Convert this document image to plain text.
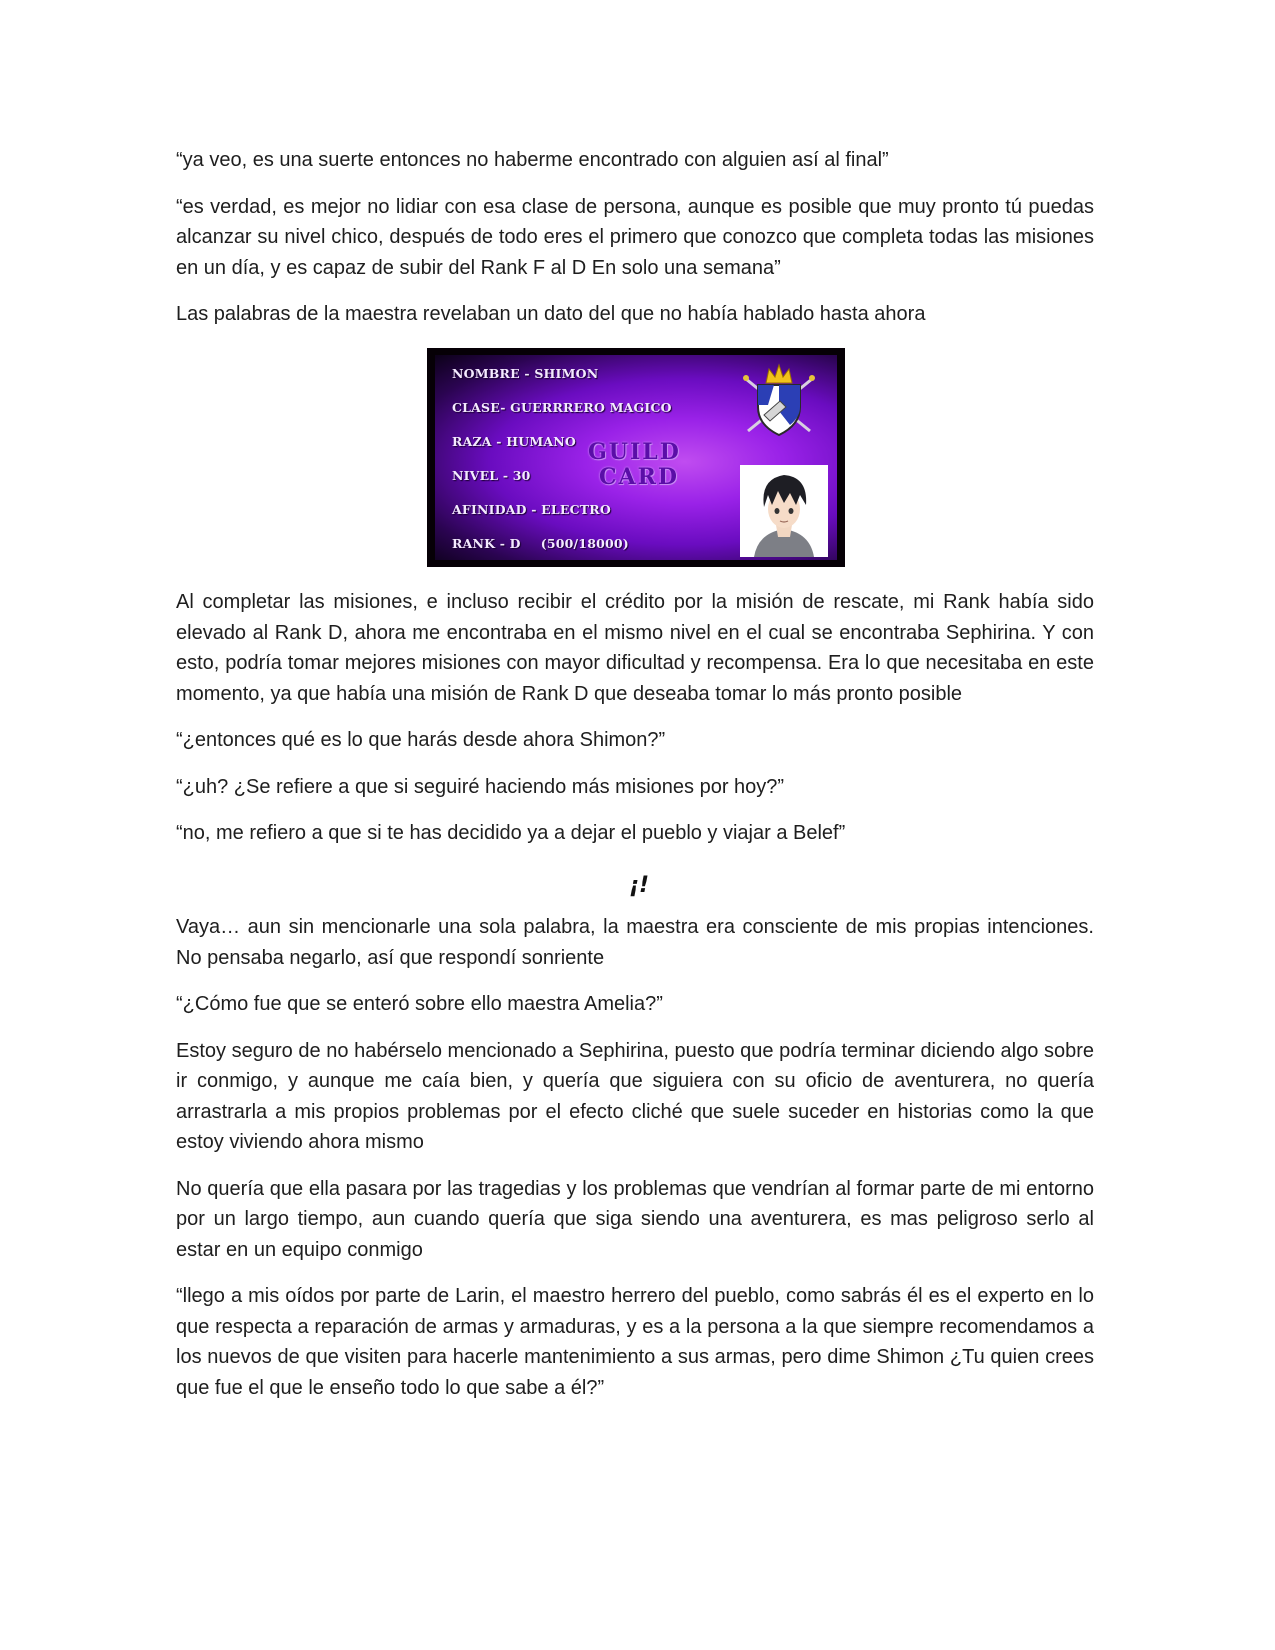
“ya veo, es una suerte entonces no haberme encontrado con alguien así al final”

“es verdad, es mejor no lidiar con esa clase de persona, aunque es posible que muy pronto tú puedas alcanzar su nivel chico, después de todo eres el primero que conozco que completa todas las misiones en un día, y es capaz de subir del Rank F al D En solo una semana”

Las palabras de la maestra revelaban un dato del que no había hablado hasta ahora

NOMBRE - SHIMON
CLASE- GUERRRERO MAGICO
RAZA - HUMANO
NIVEL - 30
AFINIDAD - ELECTRO
RANK - D (500/18000)
GUILD
CARD

Al completar las misiones, e incluso recibir el crédito por la misión de rescate, mi Rank había sido elevado al Rank D, ahora me encontraba en el mismo nivel en el cual se encontraba Sephirina. Y con esto, podría tomar mejores misiones con mayor dificultad y recompensa. Era lo que necesitaba en este momento, ya que había una misión de Rank D que deseaba tomar lo más pronto posible

“¿entonces qué es lo que harás desde ahora Shimon?”

“¿uh? ¿Se refiere a que si seguiré haciendo más misiones por hoy?”

“no, me refiero a que si te has decidido ya a dejar el pueblo y viajar a Belef”

¡!

Vaya… aun sin mencionarle una sola palabra, la maestra era consciente de mis propias intenciones. No pensaba negarlo, así que respondí sonriente

“¿Cómo fue que se enteró sobre ello maestra Amelia?”

Estoy seguro de no habérselo mencionado a Sephirina, puesto que podría terminar diciendo algo sobre ir conmigo, y aunque me caía bien, y quería que siguiera con su oficio de aventurera, no quería arrastrarla a mis propios problemas por el efecto cliché que suele suceder en historias como la que estoy viviendo ahora mismo

No quería que ella pasara por las tragedias y los problemas que vendrían al formar parte de mi entorno por un largo tiempo, aun cuando quería que siga siendo una aventurera, es mas peligroso serlo al estar en un equipo conmigo

“llego a mis oídos por parte de Larin, el maestro herrero del pueblo, como sabrás él es el experto en lo que respecta a reparación de armas y armaduras, y es a la persona a la que siempre recomendamos a los nuevos de que visiten para hacerle mantenimiento a sus armas, pero dime Shimon ¿Tu quien crees que fue el que le enseño todo lo que sabe a él?”
